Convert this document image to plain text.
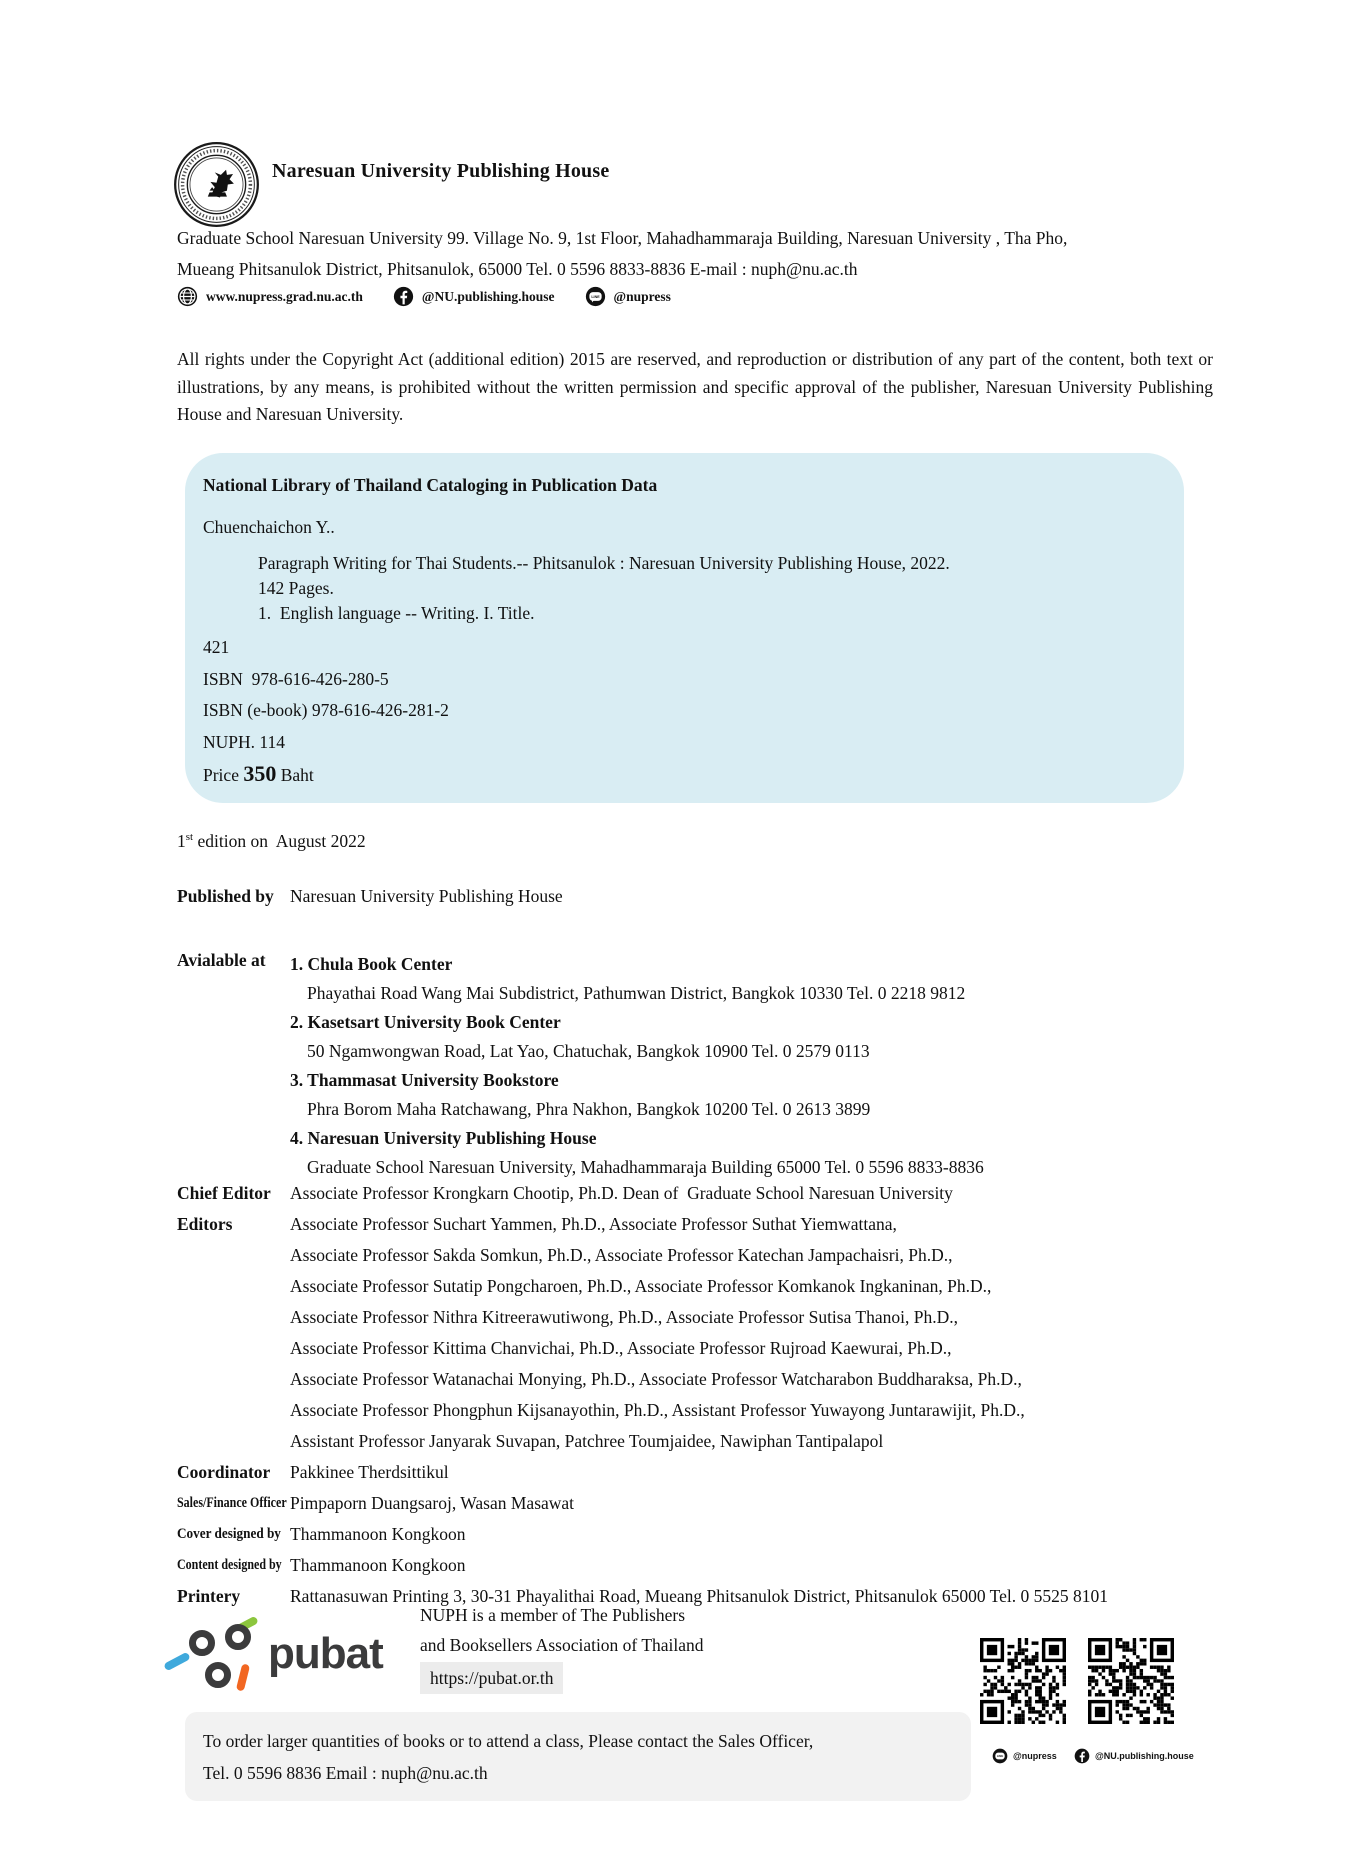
Naresuan University Publishing House
Graduate School Naresuan University 99. Village No. 9, 1st Floor, Mahadhammaraja Building, Naresuan University , Tha Pho,
Mueang Phitsanulok District, Phitsanulok, 65000 Tel. 0 5596 8833-8836 E-mail : nuph@nu.ac.th
www.nupress.grad.nu.ac.th	@NU.publishing.house	LINE @nupress
All rights under the Copyright Act (additional edition) 2015 are reserved, and reproduction or distribution of any part of the content, both text or illustrations, by any means, is prohibited without the written permission and specific approval of the publisher, Naresuan University Publishing House and Naresuan University.
National Library of Thailand Cataloging in Publication Data
Chuenchaichon Y..
Paragraph Writing for Thai Students.-- Phitsanulok : Naresuan University Publishing House, 2022.
142 Pages.
1.  English language -- Writing. I. Title.
421
ISBN  978-616-426-280-5
ISBN (e-book) 978-616-426-281-2
NUPH. 114
Price 350 Baht
1st edition on  August 2022
Published by Naresuan University Publishing House
Avialable at 1. Chula Book Center
Phayathai Road Wang Mai Subdistrict, Pathumwan District, Bangkok 10330 Tel. 0 2218 9812
2. Kasetsart University Book Center
50 Ngamwongwan Road, Lat Yao, Chatuchak, Bangkok 10900 Tel. 0 2579 0113
3. Thammasat University Bookstore
Phra Borom Maha Ratchawang, Phra Nakhon, Bangkok 10200 Tel. 0 2613 3899
4. Naresuan University Publishing House
Graduate School Naresuan University, Mahadhammaraja Building 65000 Tel. 0 5596 8833-8836
Chief Editor Associate Professor Krongkarn Chootip, Ph.D. Dean of  Graduate School Naresuan University
Editors	Associate Professor Suchart Yammen, Ph.D., Associate Professor Suthat Yiemwattana,
Associate Professor Sakda Somkun, Ph.D., Associate Professor Katechan Jampachaisri, Ph.D.,
Associate Professor Sutatip Pongcharoen, Ph.D., Associate Professor Komkanok Ingkaninan, Ph.D.,
Associate Professor Nithra Kitreerawutiwong, Ph.D., Associate Professor Sutisa Thanoi, Ph.D.,
Associate Professor Kittima Chanvichai, Ph.D., Associate Professor Rujroad Kaewurai, Ph.D.,
Associate Professor Watanachai Monying, Ph.D., Associate Professor Watcharabon Buddharaksa, Ph.D.,
Associate Professor Phongphun Kijsanayothin, Ph.D., Assistant Professor Yuwayong Juntarawijit, Ph.D.,
Assistant Professor Janyarak Suvapan, Patchree Toumjaidee, Nawiphan Tantipalapol
Coordinator Pakkinee Therdsittikul
Sales/Finance Officer Pimpaporn Duangsaroj, Wasan Masawat
Cover designed by Thammanoon Kongkoon
Content designed by Thammanoon Kongkoon
Printery	Rattanasuwan Printing 3, 30-31 Phayalithai Road, Mueang Phitsanulok District, Phitsanulok 65000 Tel. 0 5525 8101
pubat
NUPH is a member of The Publishers
and Booksellers Association of Thailand
https://pubat.or.th
To order larger quantities of books or to attend a class, Please contact the Sales Officer,
Tel. 0 5596 8836 Email : nuph@nu.ac.th
LINE @nupress	@NU.publishing.house
